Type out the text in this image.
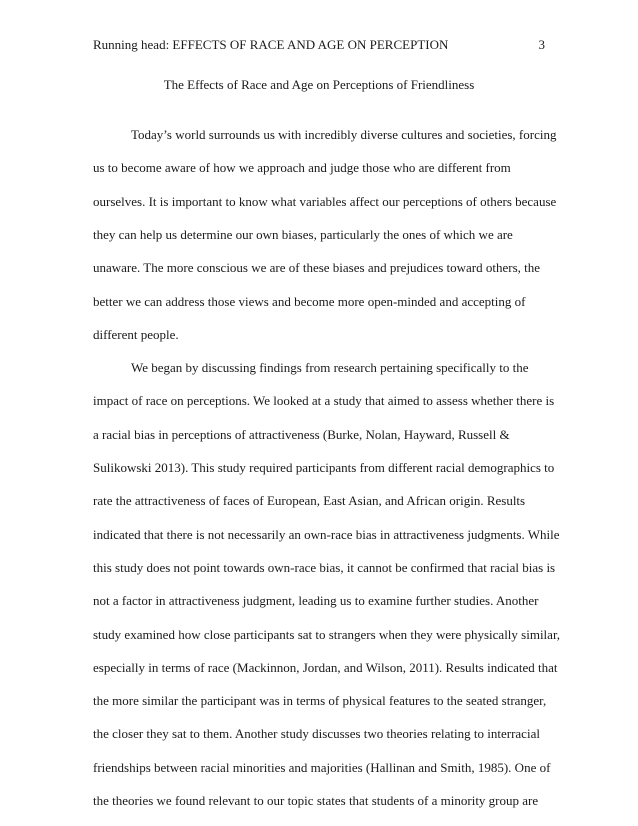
Running head: EFFECTS OF RACE AND AGE ON PERCEPTION	3
The Effects of Race and Age on Perceptions of Friendliness
Today’s world surrounds us with incredibly diverse cultures and societies, forcing
us to become aware of how we approach and judge those who are different from
ourselves. It is important to know what variables affect our perceptions of others because
they can help us determine our own biases, particularly the ones of which we are
unaware. The more conscious we are of these biases and prejudices toward others, the
better we can address those views and become more open-minded and accepting of
different people.
We began by discussing findings from research pertaining specifically to the
impact of race on perceptions. We looked at a study that aimed to assess whether there is
a racial bias in perceptions of attractiveness (Burke, Nolan, Hayward, Russell &
Sulikowski 2013). This study required participants from different racial demographics to
rate the attractiveness of faces of European, East Asian, and African origin. Results
indicated that there is not necessarily an own-race bias in attractiveness judgments. While
this study does not point towards own-race bias, it cannot be confirmed that racial bias is
not a factor in attractiveness judgment, leading us to examine further studies. Another
study examined how close participants sat to strangers when they were physically similar,
especially in terms of race (Mackinnon, Jordan, and Wilson, 2011). Results indicated that
the more similar the participant was in terms of physical features to the seated stranger,
the closer they sat to them. Another study discusses two theories relating to interracial
friendships between racial minorities and majorities (Hallinan and Smith, 1985). One of
the theories we found relevant to our topic states that students of a minority group are
